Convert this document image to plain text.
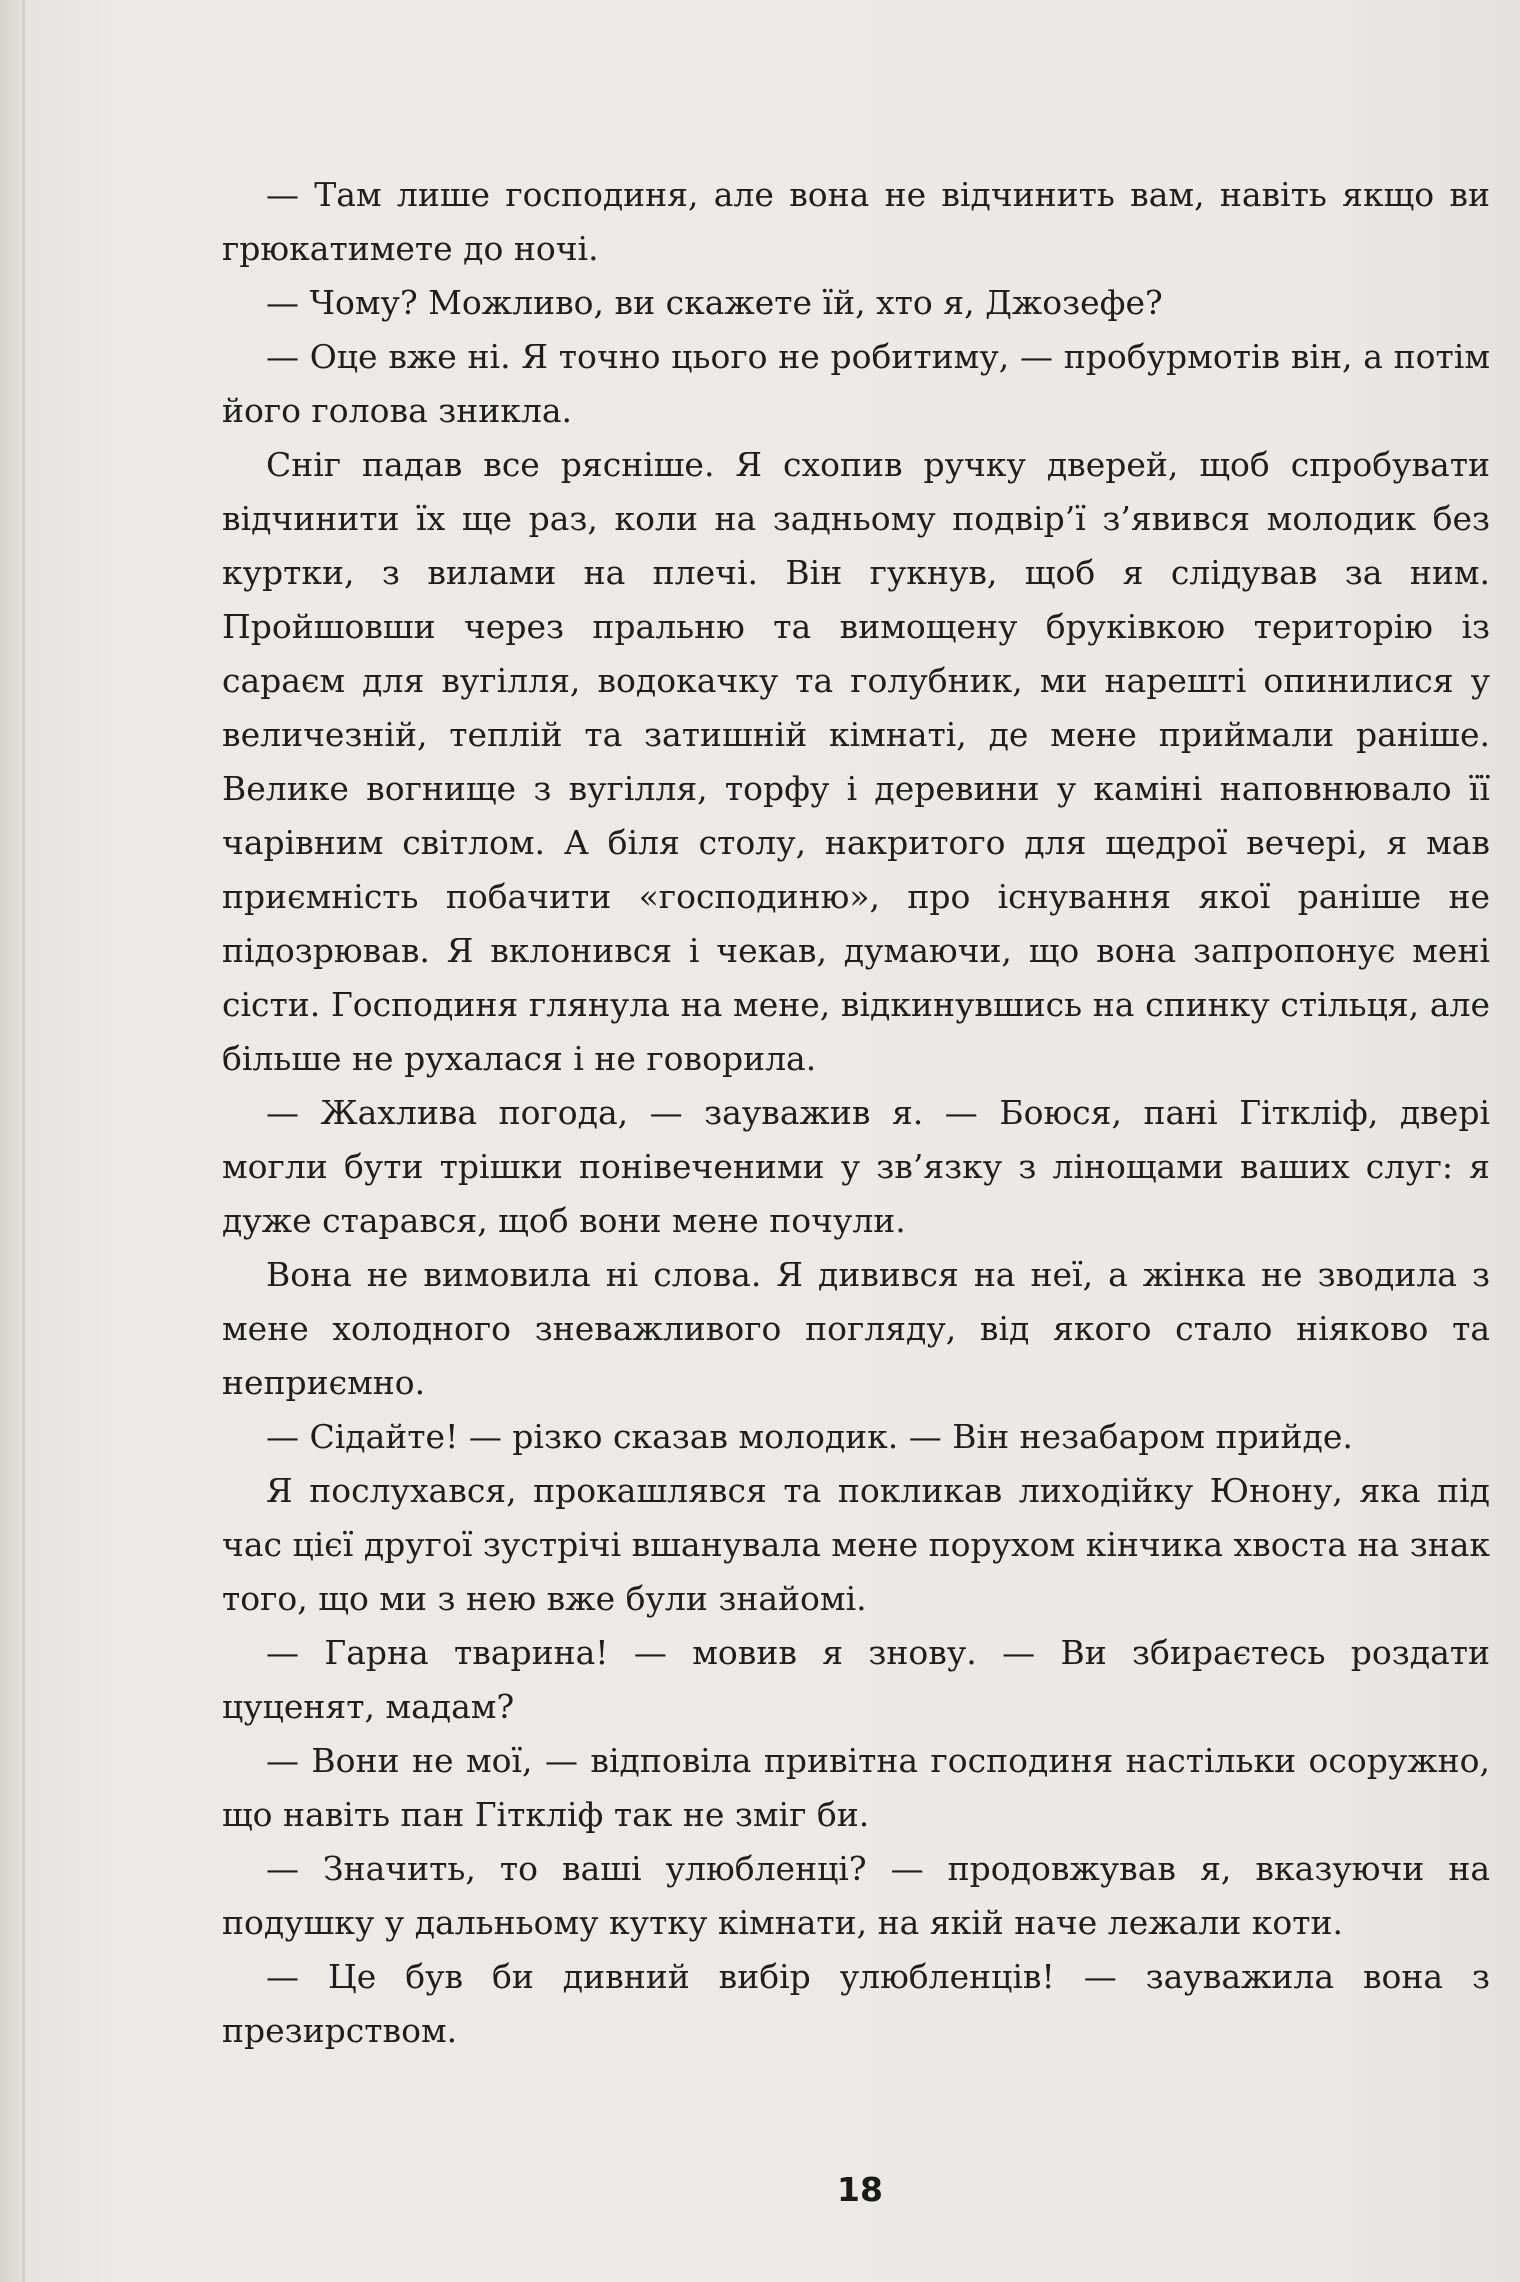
— Там лише господиня, але вона не відчинить вам, навіть якщо ви грюкатимете до ночі.

— Чому? Можливо, ви скажете їй, хто я, Джозефе?

— Оце вже ні. Я точно цього не робитиму, — пробурмотів він, а потім його голова зникла.

Сніг падав все рясніше. Я схопив ручку дверей, щоб спробувати відчинити їх ще раз, коли на задньому подвір’ї з’явився молодик без куртки, з вилами на плечі. Він гукнув, щоб я слідував за ним. Пройшовши через пральню та вимощену бруківкою територію із сараєм для вугілля, водокачку та голубник, ми нарешті опинилися у величезній, теплій та затишній кімнаті, де мене приймали раніше. Велике вогнище з вугілля, торфу і деревини у каміні наповнювало її чарівним світлом. А біля столу, накритого для щедрої вечері, я мав приємність побачити «господиню», про існування якої раніше не підозрював. Я вклонився і чекав, думаючи, що вона запропонує мені сісти. Господиня глянула на мене, відкинувшись на спинку стільця, але більше не рухалася і не говорила.

— Жахлива погода, — зауважив я. — Боюся, пані Гіткліф, двері могли бути трішки понівеченими у зв’язку з лінощами ваших слуг: я дуже старався, щоб вони мене почули.

Вона не вимовила ні слова. Я дивився на неї, а жінка не зводила з мене холодного зневажливого погляду, від якого стало ніяково та неприємно.

— Сідайте! — різко сказав молодик. — Він незабаром прийде.

Я послухався, прокашлявся та покликав лиходійку Юнону, яка під час цієї другої зустрічі вшанувала мене порухом кінчика хвоста на знак того, що ми з нею вже були знайомі.

— Гарна тварина! — мовив я знову. — Ви збираєтесь роздати цуценят, мадам?

— Вони не мої, — відповіла привітна господиня настільки осоружно, що навіть пан Гіткліф так не зміг би.

— Значить, то ваші улюбленці? — продовжував я, вказуючи на подушку у дальньому кутку кімнати, на якій наче лежали коти.

— Це був би дивний вибір улюбленців! — зауважила вона з презирством.

18
